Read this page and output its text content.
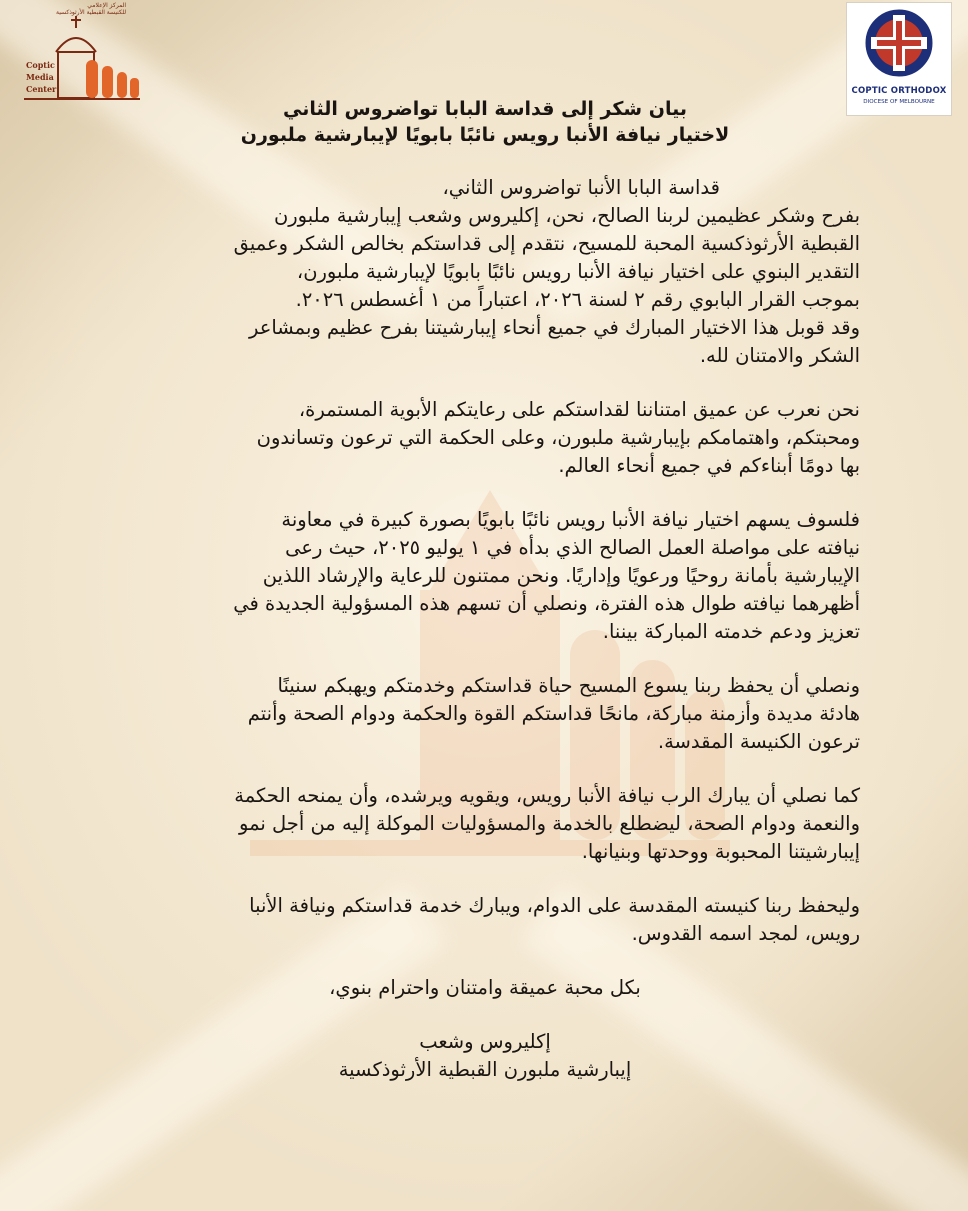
المركز الإعلامي
للكنيسة القبطية الأرثوذكسية
Coptic
Media
Center	COPTIC ORTHODOX
DIOCESE OF MELBOURNE
بيان شكر إلى قداسة البابا تواضروس الثاني
لاختيار نيافة الأنبا رويس نائبًا بابويًا لإيبارشية ملبورن
قداسة البابا الأنبا تواضروس الثاني،
بفرح وشكر عظيمين لربنا الصالح، نحن، إكليروس وشعب إيبارشية ملبورن
القبطية الأرثوذكسية المحبة للمسيح، نتقدم إلى قداستكم بخالص الشكر وعميق
التقدير البنوي على اختيار نيافة الأنبا رويس نائبًا بابويًا لإيبارشية ملبورن،
بموجب القرار البابوي رقم ٢ لسنة ٢٠٢٦، اعتباراً من ١ أغسطس ٢٠٢٦.
وقد قوبل هذا الاختيار المبارك في جميع أنحاء إيبارشيتنا بفرح عظيم وبمشاعر
الشكر والامتنان لله.
نحن نعرب عن عميق امتناننا لقداستكم على رعايتكم الأبوية المستمرة،
ومحبتكم، واهتمامكم بإيبارشية ملبورن، وعلى الحكمة التي ترعون وتساندون
بها دومًا أبناءكم في جميع أنحاء العالم.
فلسوف يسهم اختيار نيافة الأنبا رويس نائبًا بابويًا بصورة كبيرة في معاونة
نيافته على مواصلة العمل الصالح الذي بدأه في ١ يوليو ٢٠٢٥، حيث رعى
الإيبارشية بأمانة روحيًا ورعويًا وإداريًا. ونحن ممتنون للرعاية والإرشاد اللذين
أظهرهما نيافته طوال هذه الفترة، ونصلي أن تسهم هذه المسؤولية الجديدة في
تعزيز ودعم خدمته المباركة بيننا.
ونصلي أن يحفظ ربنا يسوع المسيح حياة قداستكم وخدمتكم ويهبكم سنينًا
هادئة مديدة وأزمنة مباركة، مانحًا قداستكم القوة والحكمة ودوام الصحة وأنتم
ترعون الكنيسة المقدسة.
كما نصلي أن يبارك الرب نيافة الأنبا رويس، ويقويه ويرشده، وأن يمنحه الحكمة
والنعمة ودوام الصحة، ليضطلع بالخدمة والمسؤوليات الموكلة إليه من أجل نمو
إيبارشيتنا المحبوبة ووحدتها وبنيانها.
وليحفظ ربنا كنيسته المقدسة على الدوام، ويبارك خدمة قداستكم ونيافة الأنبا
رويس، لمجد اسمه القدوس.
بكل محبة عميقة وامتنان واحترام بنوي،
إكليروس وشعب
إيبارشية ملبورن القبطية الأرثوذكسية
